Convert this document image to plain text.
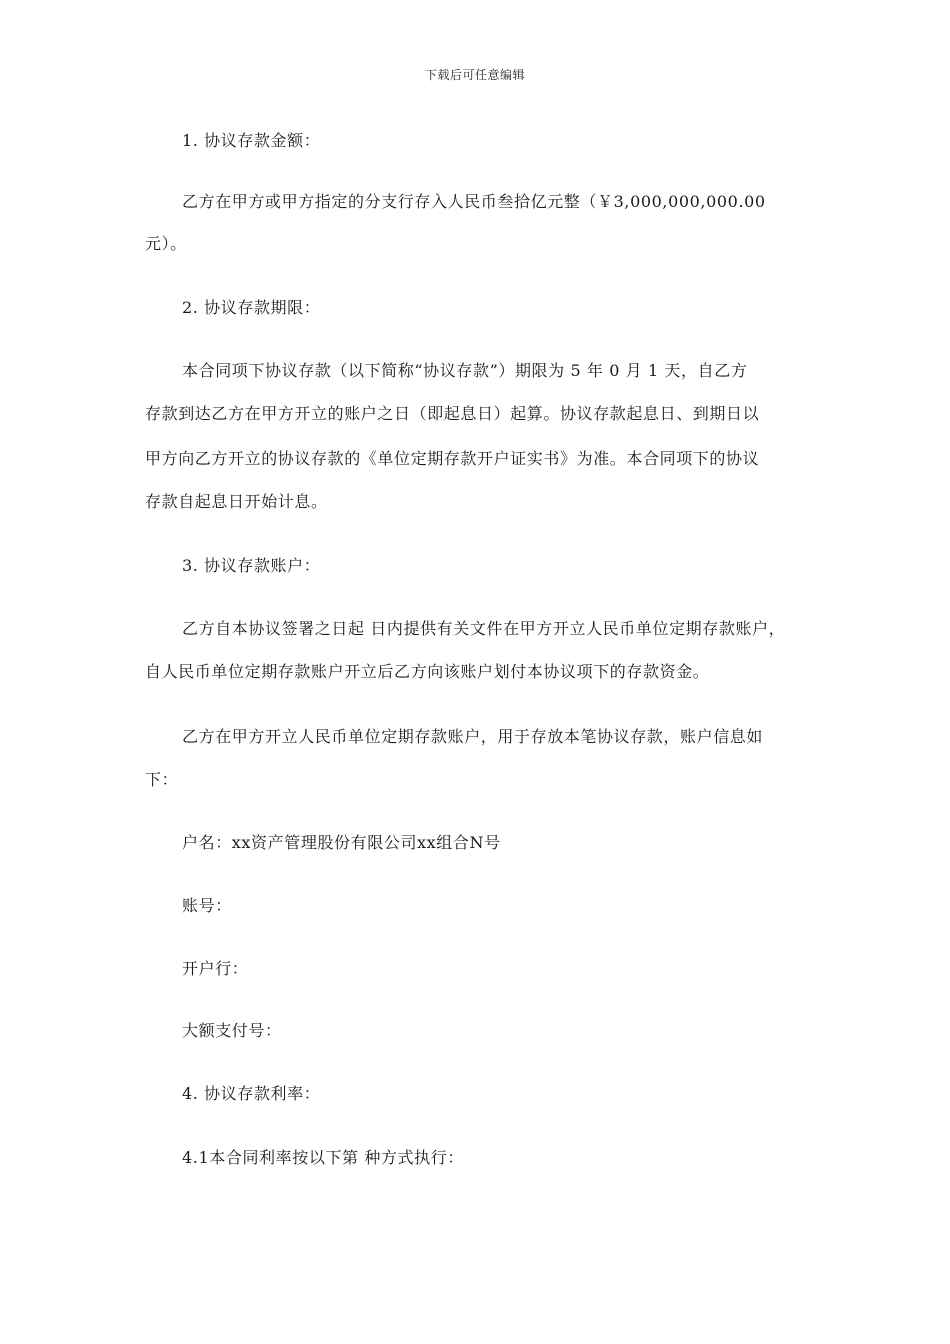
下载后可任意编辑
1. 协议存款金额：
乙方在甲方或甲方指定的分支行存入人民币叁拾亿元整（￥3,000,000,000.00
元）。
2. 协议存款期限：
本合同项下协议存款（以下简称“协议存款”）期限为 5 年 0 月 1 天，自乙方
存款到达乙方在甲方开立的账户之日（即起息日）起算。协议存款起息日、到期日以
甲方向乙方开立的协议存款的《单位定期存款开户证实书》为准。本合同项下的协议
存款自起息日开始计息。
3. 协议存款账户：
乙方自本协议签署之日起 日内提供有关文件在甲方开立人民币单位定期存款账户，
自人民币单位定期存款账户开立后乙方向该账户划付本协议项下的存款资金。
乙方在甲方开立人民币单位定期存款账户，用于存放本笔协议存款，账户信息如
下：
户名：xx资产管理股份有限公司xx组合N号
账号：
开户行：
大额支付号：
4. 协议存款利率：
4.1本合同利率按以下第 种方式执行：
